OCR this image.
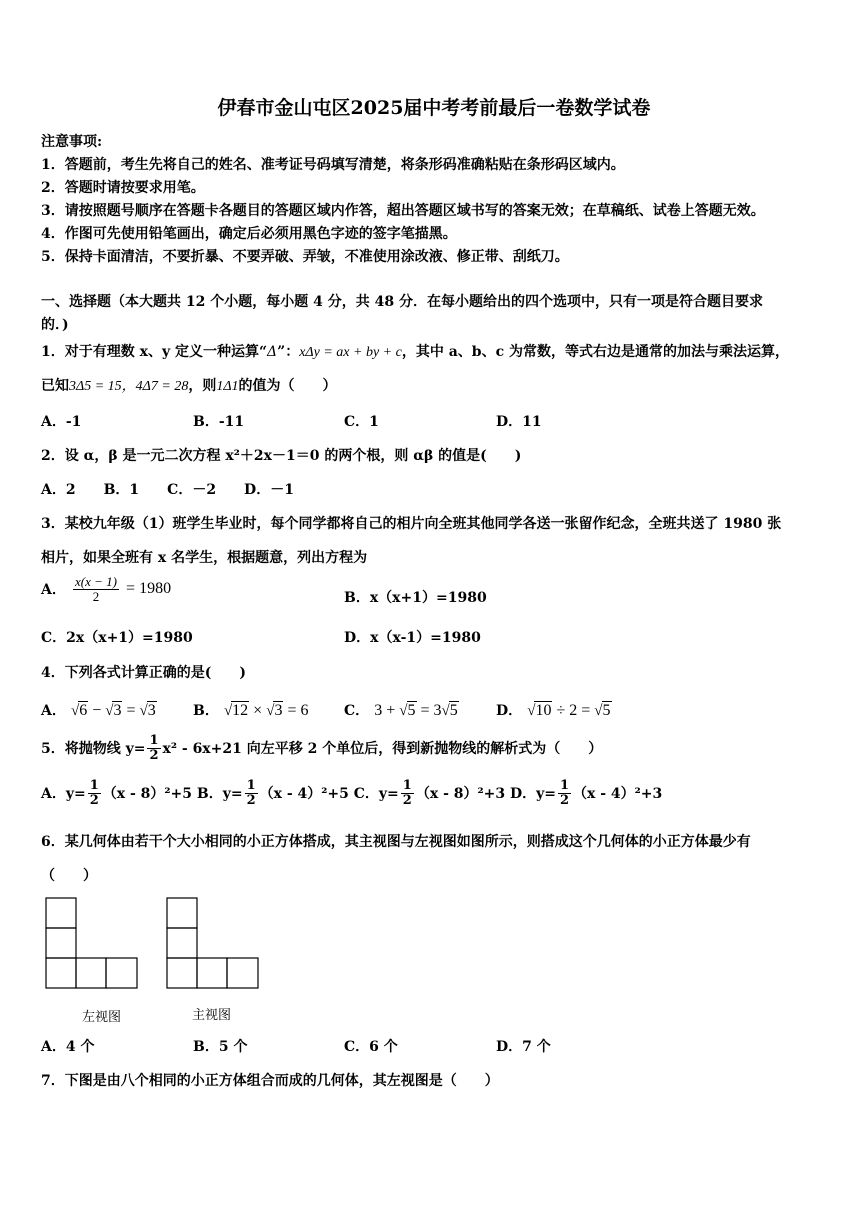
伊春市金山屯区2025届中考考前最后一卷数学试卷
注意事项:
1．答题前，考生先将自己的姓名、准考证号码填写清楚，将条形码准确粘贴在条形码区域内。
2．答题时请按要求用笔。
3．请按照题号顺序在答题卡各题目的答题区域内作答，超出答题区域书写的答案无效；在草稿纸、试卷上答题无效。
4．作图可先使用铅笔画出，确定后必须用黑色字迹的签字笔描黑。
5．保持卡面清洁，不要折暴、不要弄破、弄皱，不准使用涂改液、修正带、刮纸刀。
一、选择题（本大题共 12 个小题，每小题 4 分，共 48 分．在每小题给出的四个选项中，只有一项是符合题目要求
的．)
1．对于有理数 x、y 定义一种运算“Δ”：xΔy = ax + by + c，其中 a、b、c 为常数，等式右边是通常的加法与乘法运算，
已知3Δ5 = 15，4Δ7 = 28，则1Δ1的值为（　　）
A．-1	B．-11	C．1	D．11
2．设 α，β 是一元二次方程 x²＋2x－1＝0 的两个根，则 αβ 的值是(　　)
A．2　　B．1　　C．－2　　D．－1
3．某校九年级（1）班学生毕业时，每个同学都将自己的相片向全班其他同学各送一张留作纪念，全班共送了 1980 张
相片，如果全班有 x 名学生，根据题意，列出方程为
A． $\frac{x(x - 1)}{2} = 1980$
B．x（x+1）=1980
C．2x（x+1）=1980	D．x（x-1）=1980
4．下列各式计算正确的是(　　)
A． √6 − √3 = √3	B． √12 × √3 = 6	C． 3 + √5 = 3√5	D． √10 ÷ 2 = √5
5．将抛物线 $y= \frac{1}{2} x^2 - 6x+21$ 向左平移 2 个单位后，得到新抛物线的解析式为（　　）
A．$y= \frac{1}{2} (x - 8)^2+5$ B．$y= \frac{1}{2} (x - 4)^2+5$ C．$y= \frac{1}{2} (x - 8)^2+3$ D．$y= \frac{1}{2} (x - 4)^2+3$
6．某几何体由若干个大小相同的小正方体搭成，其主视图与左视图如图所示，则搭成这个几何体的小正方体最少有
（　　）
左视图	主视图
A．4 个	B．5 个	C．6 个	D．7 个
7．下图是由八个相同的小正方体组合而成的几何体，其左视图是（　　）
